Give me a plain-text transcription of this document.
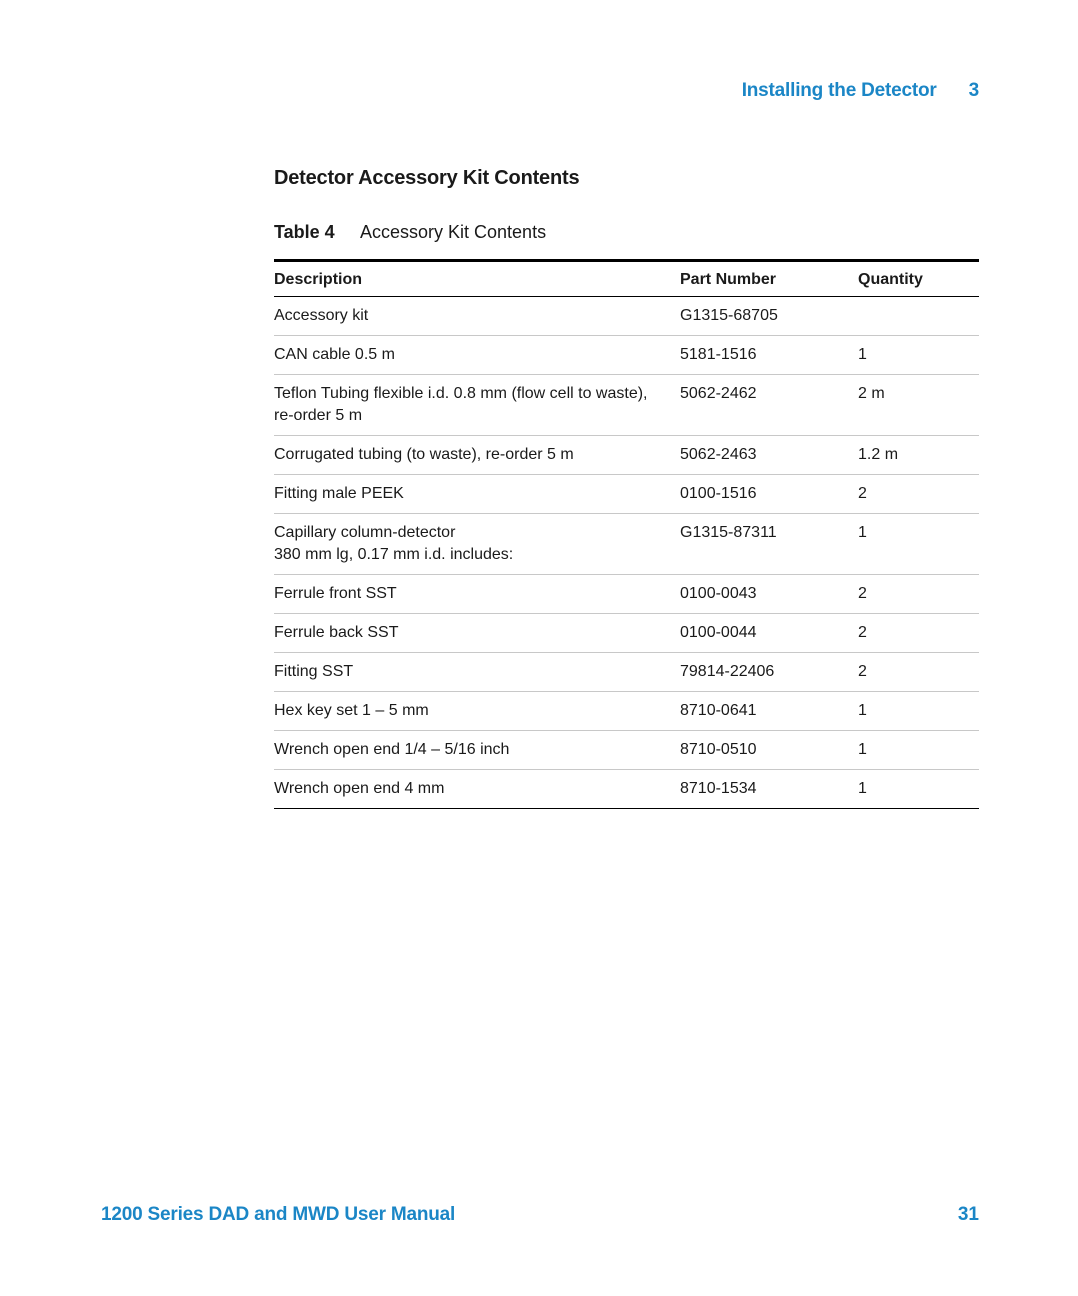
Installing the Detector 3
Detector Accessory Kit Contents
Table 4	Accessory Kit Contents
Description	Part Number	Quantity
Accessory kit	G1315-68705	
CAN cable 0.5 m	5181-1516	1
Teflon Tubing flexible i.d. 0.8 mm (flow cell to waste),
re-order 5 m	5062-2462	2 m
Corrugated tubing (to waste), re-order 5 m	5062-2463	1.2 m
Fitting male PEEK	0100-1516	2
Capillary column-detector
380 mm lg, 0.17 mm i.d. includes:	G1315-87311	1
Ferrule front SST	0100-0043	2
Ferrule back SST	0100-0044	2
Fitting SST	79814-22406	2
Hex key set 1 – 5 mm	8710-0641	1
Wrench open end 1/4 – 5/16 inch	8710-0510	1
Wrench open end 4 mm	8710-1534	1
1200 Series DAD and MWD User Manual	31
